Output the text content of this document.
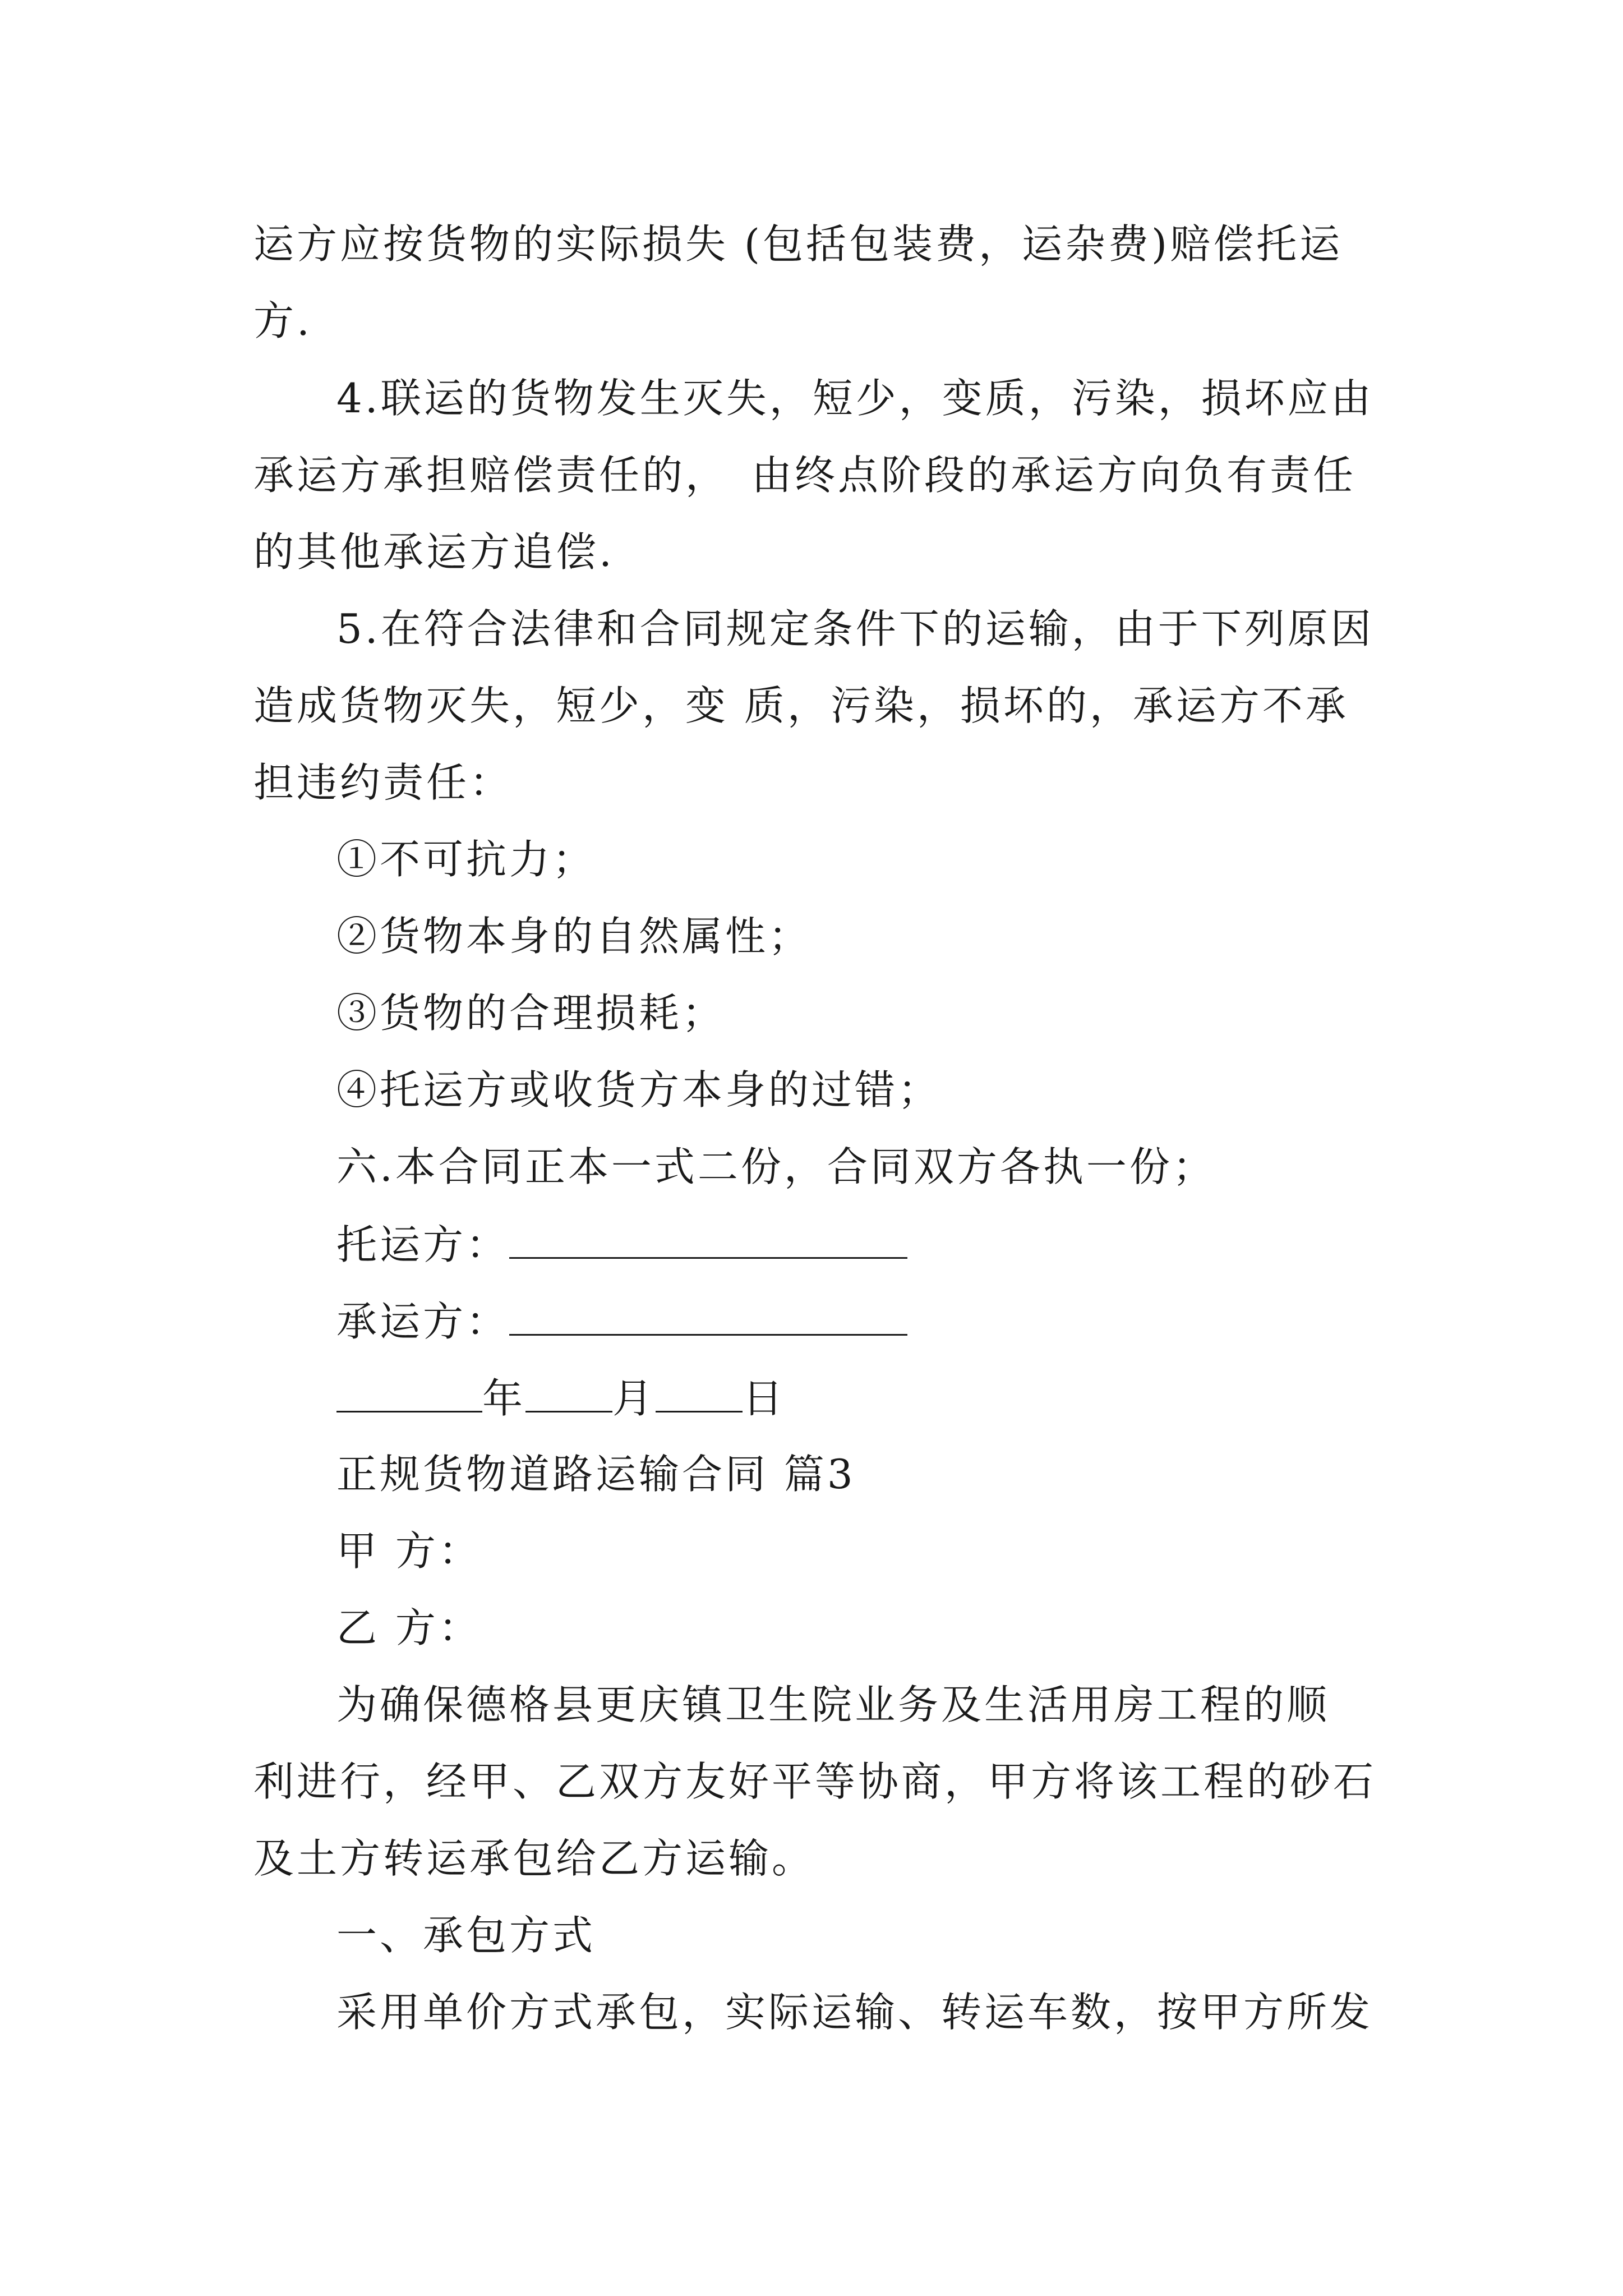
运方应按货物的实际损失 (包括包装费，运杂费)赔偿托运
方.
4.联运的货物发生灭失，短少，变质，污染，损坏应由
承运方承担赔偿责任的，　由终点阶段的承运方向负有责任
的其他承运方追偿.
5.在符合法律和合同规定条件下的运输，由于下列原因
造成货物灭失，短少，变 质，污染，损坏的，承运方不承
担违约责任：
①不可抗力；
②货物本身的自然属性；
③货物的合理损耗；
④托运方或收货方本身的过错；
六.本合同正本一式二份，合同双方各执一份；
托运方：
承运方：
年 月 日
正规货物道路运输合同 篇3
甲 方：
乙 方：
为确保德格县更庆镇卫生院业务及生活用房工程的顺
利进行，经甲、乙双方友好平等协商，甲方将该工程的砂石
及土方转运承包给乙方运输。
一、承包方式
采用单价方式承包，实际运输、转运车数，按甲方所发
